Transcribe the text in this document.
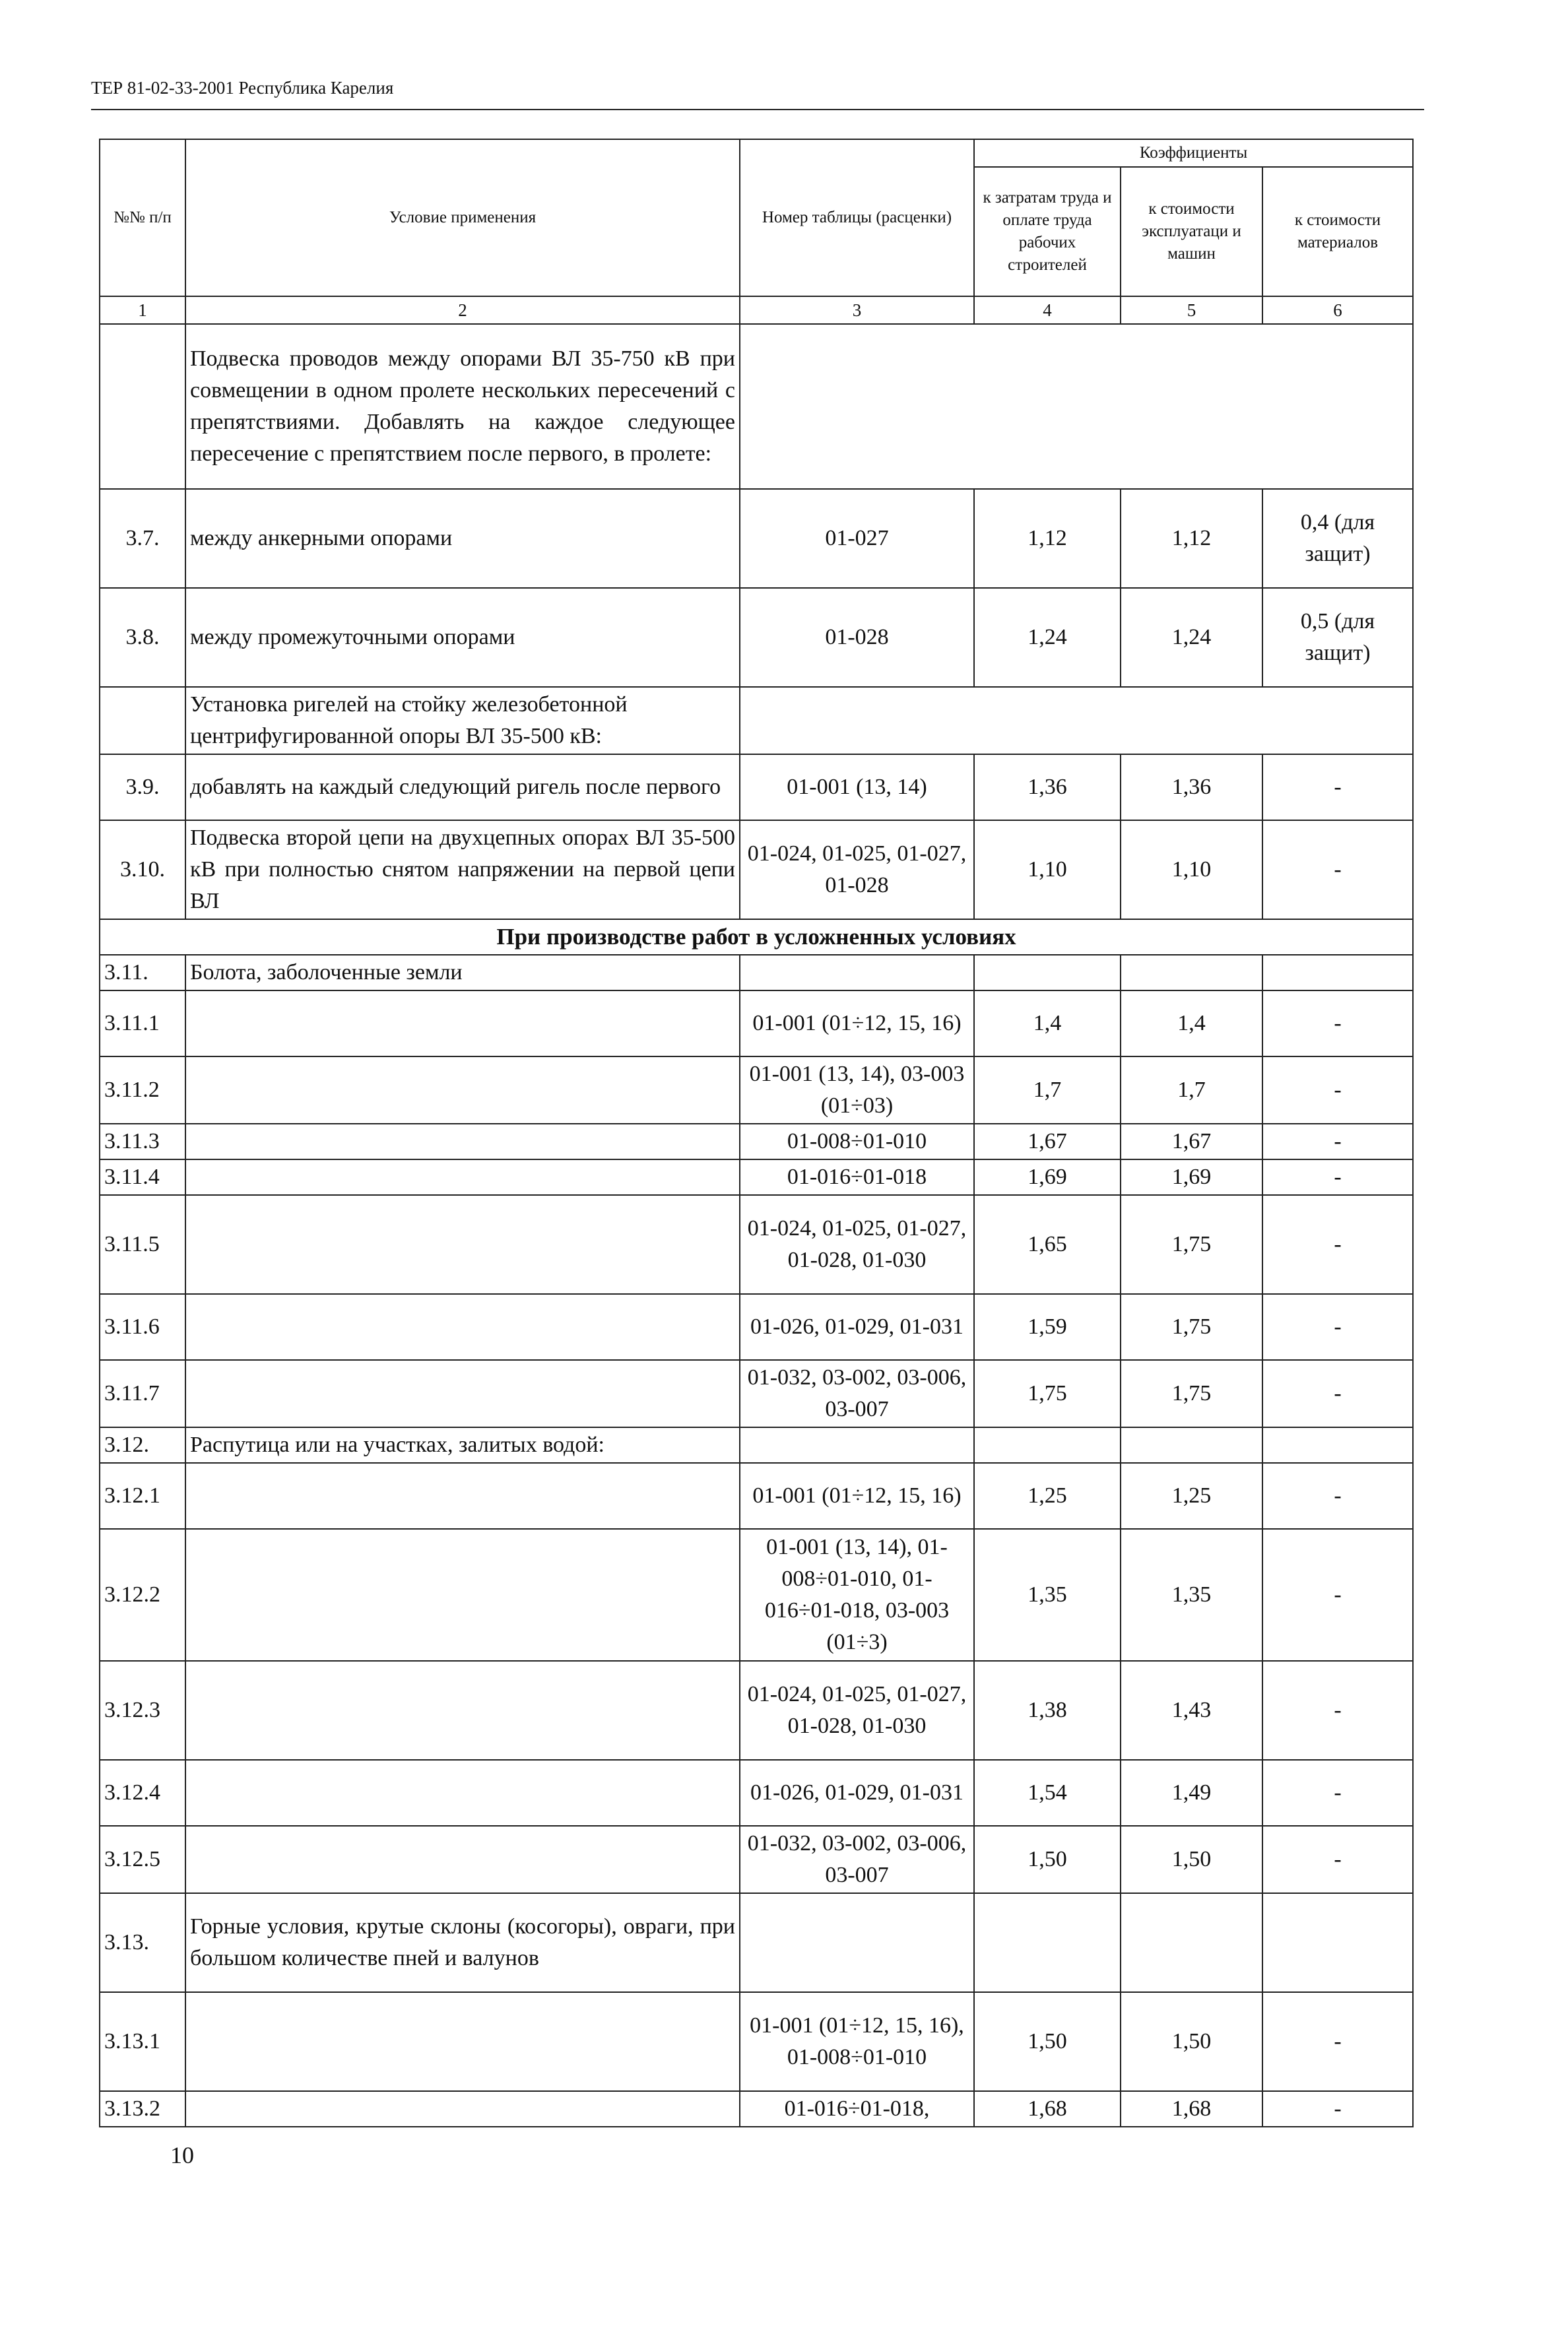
ТЕР 81-02-33-2001 Республика Карелия
№№ п/п	Условие применения	Номер таблицы (расценки)	Коэффициенты		
			к затратам труда и оплате труда рабочих строителей	к стоимости эксплуатаци и машин	к стоимости материалов
1	2	3	4	5	6
	Подвеска проводов между опорами ВЛ 35-750 кВ при совмещении в одном пролете нескольких пересечений с препятствиями. Добавлять на каждое следующее пересечение с препятствием после первого, в пролете:				
3.7.	между анкерными опорами	01-027	1,12	1,12	0,4 (для защит)
3.8.	между промежуточными опорами	01-028	1,24	1,24	0,5 (для защит)
	Установка ригелей на стойку железобетонной центрифугированной опоры ВЛ 35-500 кВ:				
3.9.	добавлять на каждый следующий ригель после первого	01-001 (13, 14)	1,36	1,36	-
3.10.	Подвеска второй цепи на двухцепных опорах ВЛ 35-500 кВ при полностью снятом напряжении на первой цепи ВЛ	01-024, 01-025, 01-027, 01-028	1,10	1,10	-
При производстве работ в усложненных условиях					
3.11.	Болота, заболоченные земли				
3.11.1		01-001 (01÷12, 15, 16)	1,4	1,4	-
3.11.2		01-001 (13, 14), 03-003 (01÷03)	1,7	1,7	-
3.11.3		01-008÷01-010	1,67	1,67	-
3.11.4		01-016÷01-018	1,69	1,69	-
3.11.5		01-024, 01-025, 01-027, 01-028, 01-030	1,65	1,75	-
3.11.6		01-026, 01-029, 01-031	1,59	1,75	-
3.11.7		01-032, 03-002, 03-006, 03-007	1,75	1,75	-
3.12.	Распутица или на участках, залитых водой:				
3.12.1		01-001 (01÷12, 15, 16)	1,25	1,25	-
3.12.2		01-001 (13, 14), 01-008÷01-010, 01-016÷01-018, 03-003 (01÷3)	1,35	1,35	-
3.12.3		01-024, 01-025, 01-027, 01-028, 01-030	1,38	1,43	-
3.12.4		01-026, 01-029, 01-031	1,54	1,49	-
3.12.5		01-032, 03-002, 03-006, 03-007	1,50	1,50	-
3.13.	Горные условия, крутые склоны (косогоры), овраги, при большом количестве пней и валунов				
3.13.1		01-001 (01÷12, 15, 16), 01-008÷01-010	1,50	1,50	-
3.13.2		01-016÷01-018,	1,68	1,68	-
10
